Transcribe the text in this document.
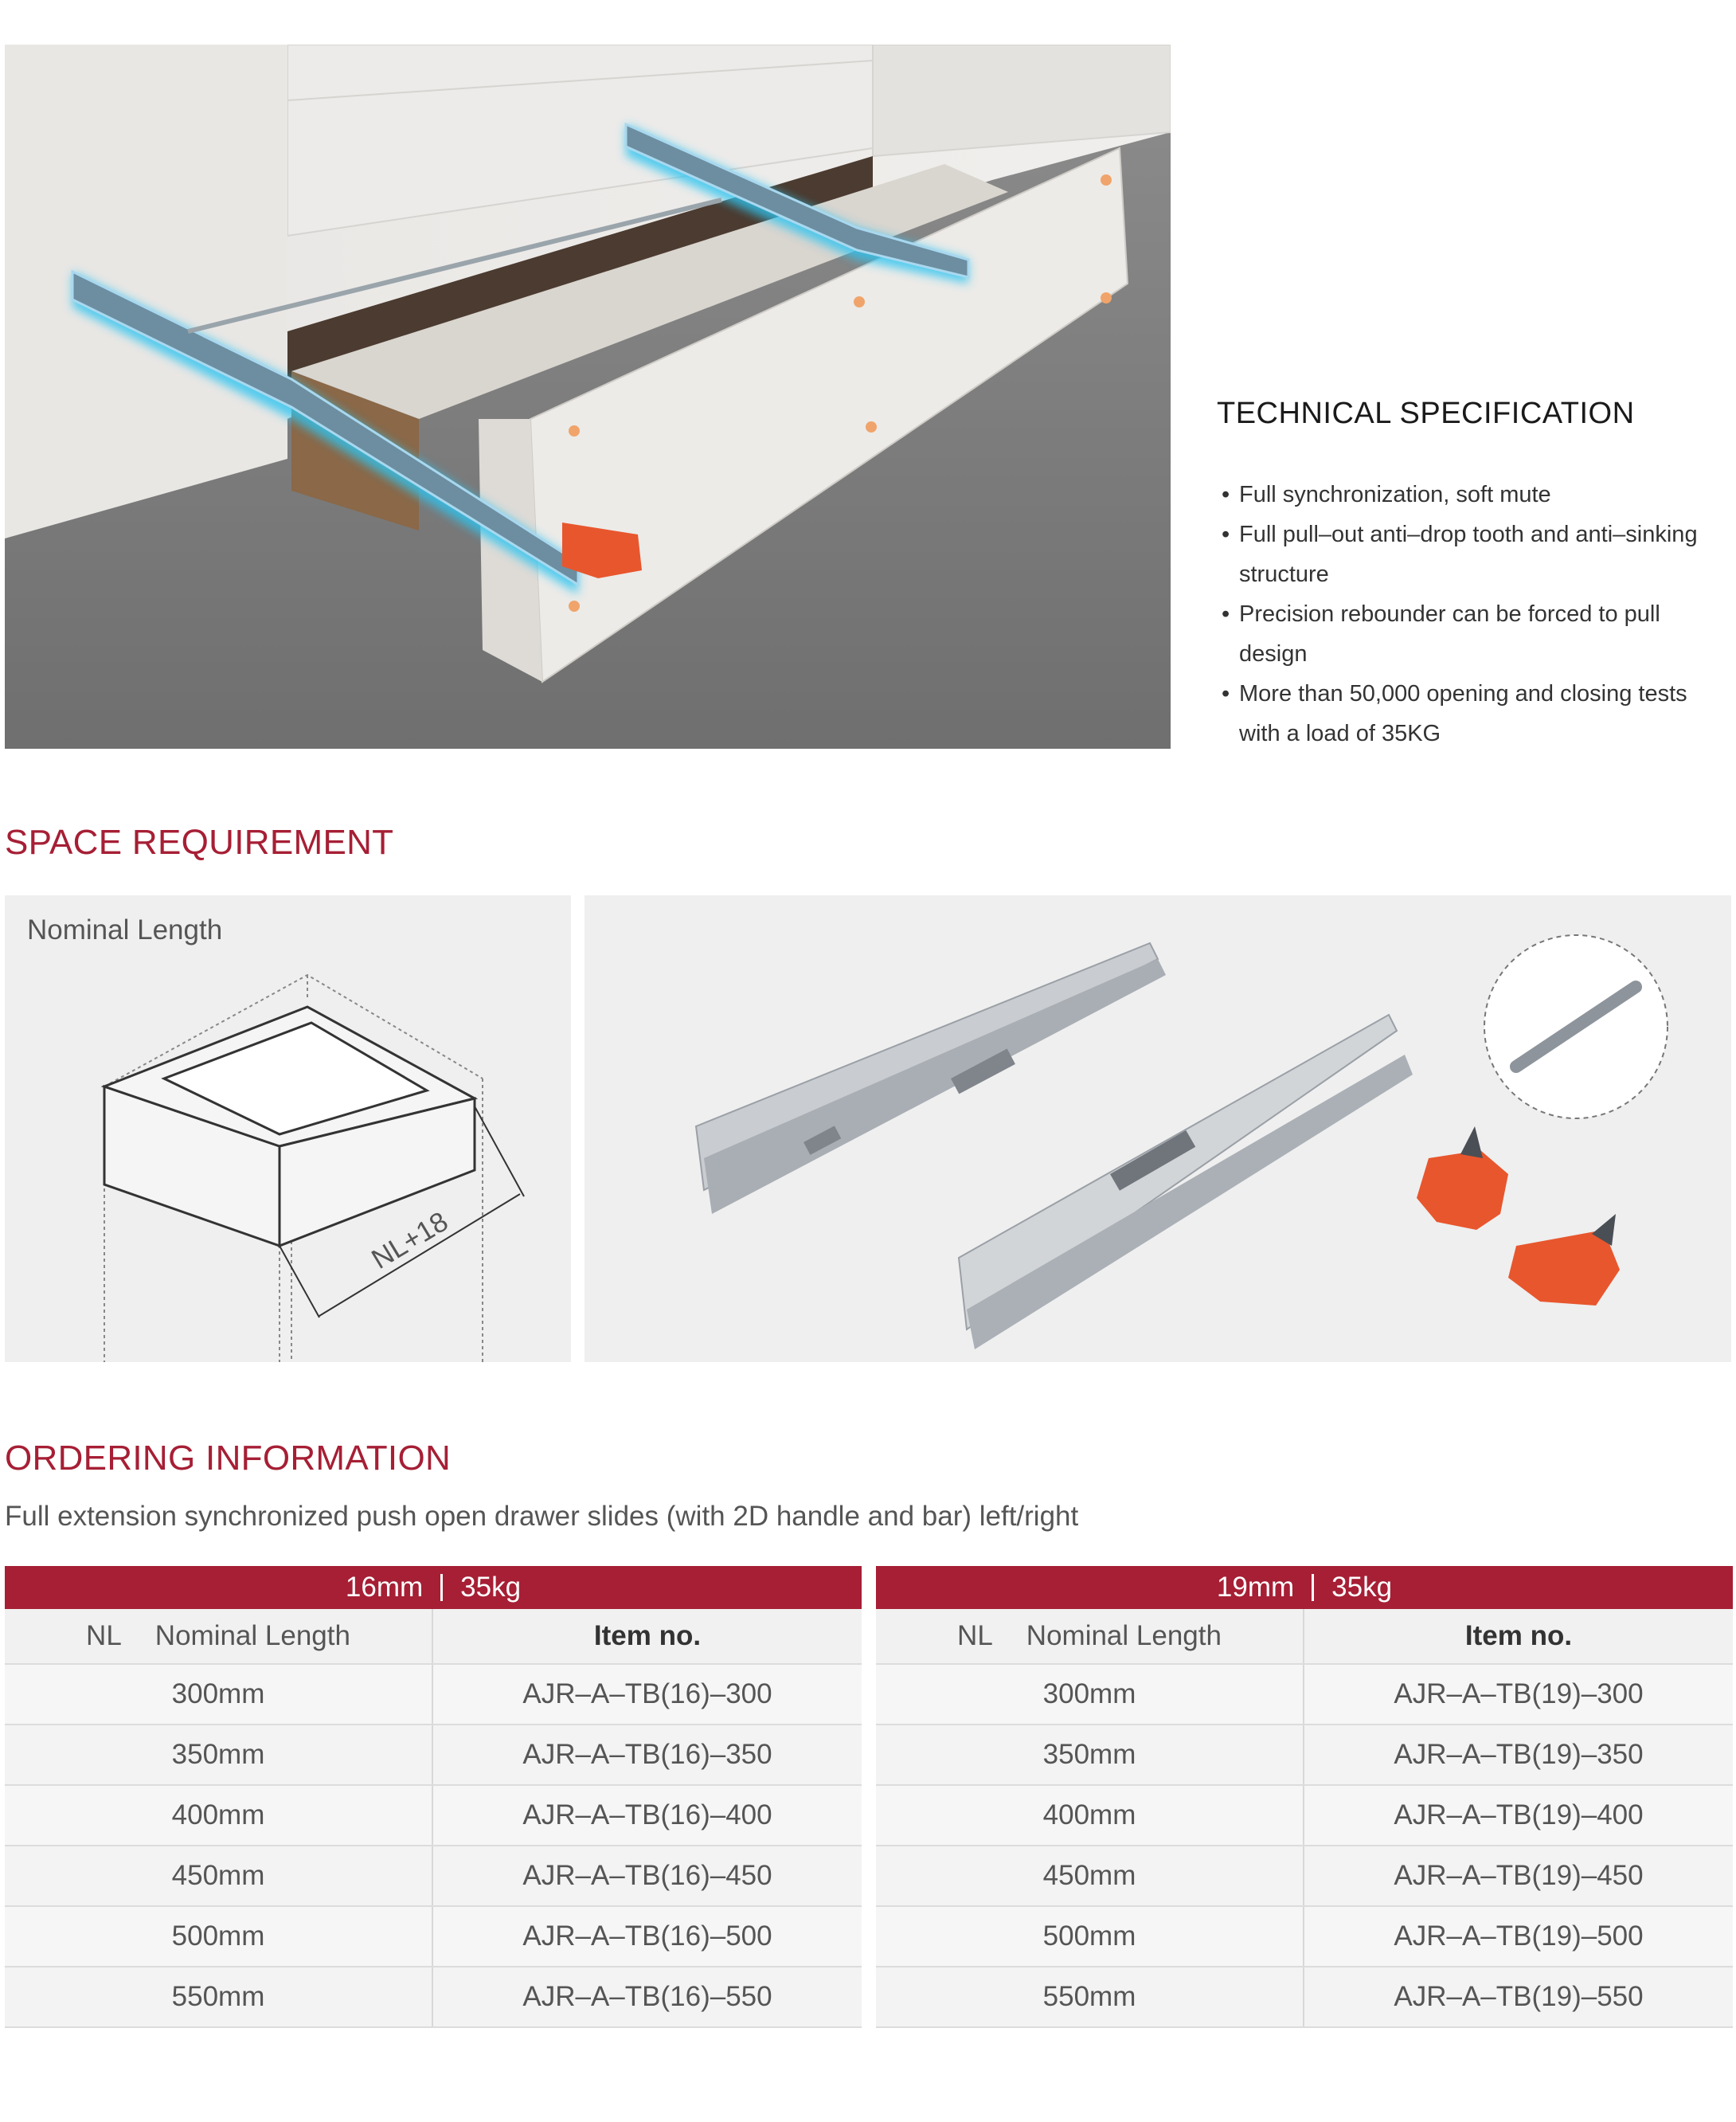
TECHNICAL SPECIFICATION
• Full synchronization, soft mute
• Full pull–out anti–drop tooth and anti–sinking structure
• Precision rebounder can be forced to pull design
• More than 50,000 opening and closing tests with a load of 35KG
SPACE REQUIREMENT
Nominal Length
NL+18
ORDERING INFORMATION
Full extension synchronized push open drawer slides (with 2D handle and bar) left/right
16mm 35kg
NL Nominal Length	Item no.
300mm	AJR–A–TB(16)–300
350mm	AJR–A–TB(16)–350
400mm	AJR–A–TB(16)–400
450mm	AJR–A–TB(16)–450
500mm	AJR–A–TB(16)–500
550mm	AJR–A–TB(16)–550
19mm 35kg
NL Nominal Length	Item no.
300mm	AJR–A–TB(19)–300
350mm	AJR–A–TB(19)–350
400mm	AJR–A–TB(19)–400
450mm	AJR–A–TB(19)–450
500mm	AJR–A–TB(19)–500
550mm	AJR–A–TB(19)–550
